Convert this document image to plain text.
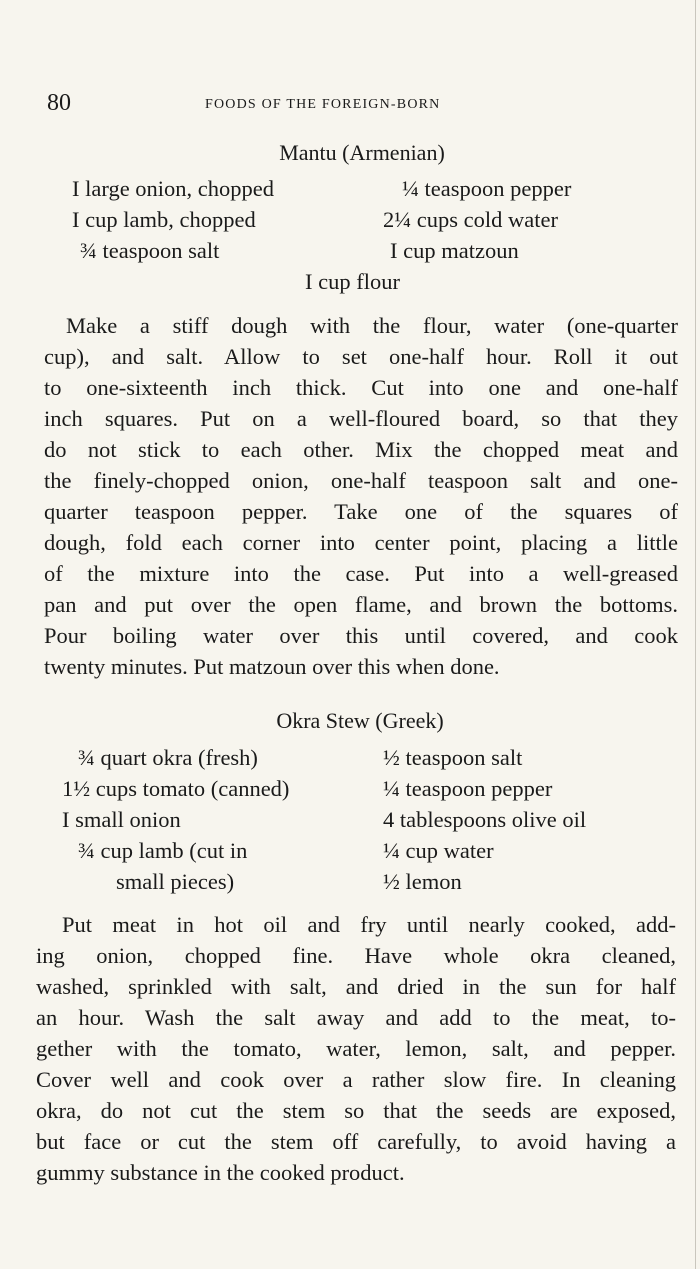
80	FOODS OF THE FOREIGN-BORN
Mantu (Armenian)
I large onion, chopped	¼ teaspoon pepper
I cup lamb, chopped	2¼ cups cold water
¾ teaspoon salt	I cup matzoun
I cup flour
Make a stiff dough with the flour, water (one-quarter
cup), and salt. Allow to set one-half hour. Roll it out
to one-sixteenth inch thick. Cut into one and one-half
inch squares. Put on a well-floured board, so that they
do not stick to each other. Mix the chopped meat and
the finely-chopped onion, one-half teaspoon salt and one-
quarter teaspoon pepper. Take one of the squares of
dough, fold each corner into center point, placing a little
of the mixture into the case. Put into a well-greased
pan and put over the open flame, and brown the bottoms.
Pour boiling water over this until covered, and cook
twenty minutes. Put matzoun over this when done.
Okra Stew (Greek)
¾ quart okra (fresh)	½ teaspoon salt
1½ cups tomato (canned)	¼ teaspoon pepper
I small onion	4 tablespoons olive oil
¾ cup lamb (cut in	¼ cup water
small pieces)	½ lemon
Put meat in hot oil and fry until nearly cooked, add-
ing onion, chopped fine. Have whole okra cleaned,
washed, sprinkled with salt, and dried in the sun for half
an hour. Wash the salt away and add to the meat, to-
gether with the tomato, water, lemon, salt, and pepper.
Cover well and cook over a rather slow fire. In cleaning
okra, do not cut the stem so that the seeds are exposed,
but face or cut the stem off carefully, to avoid having a
gummy substance in the cooked product.
